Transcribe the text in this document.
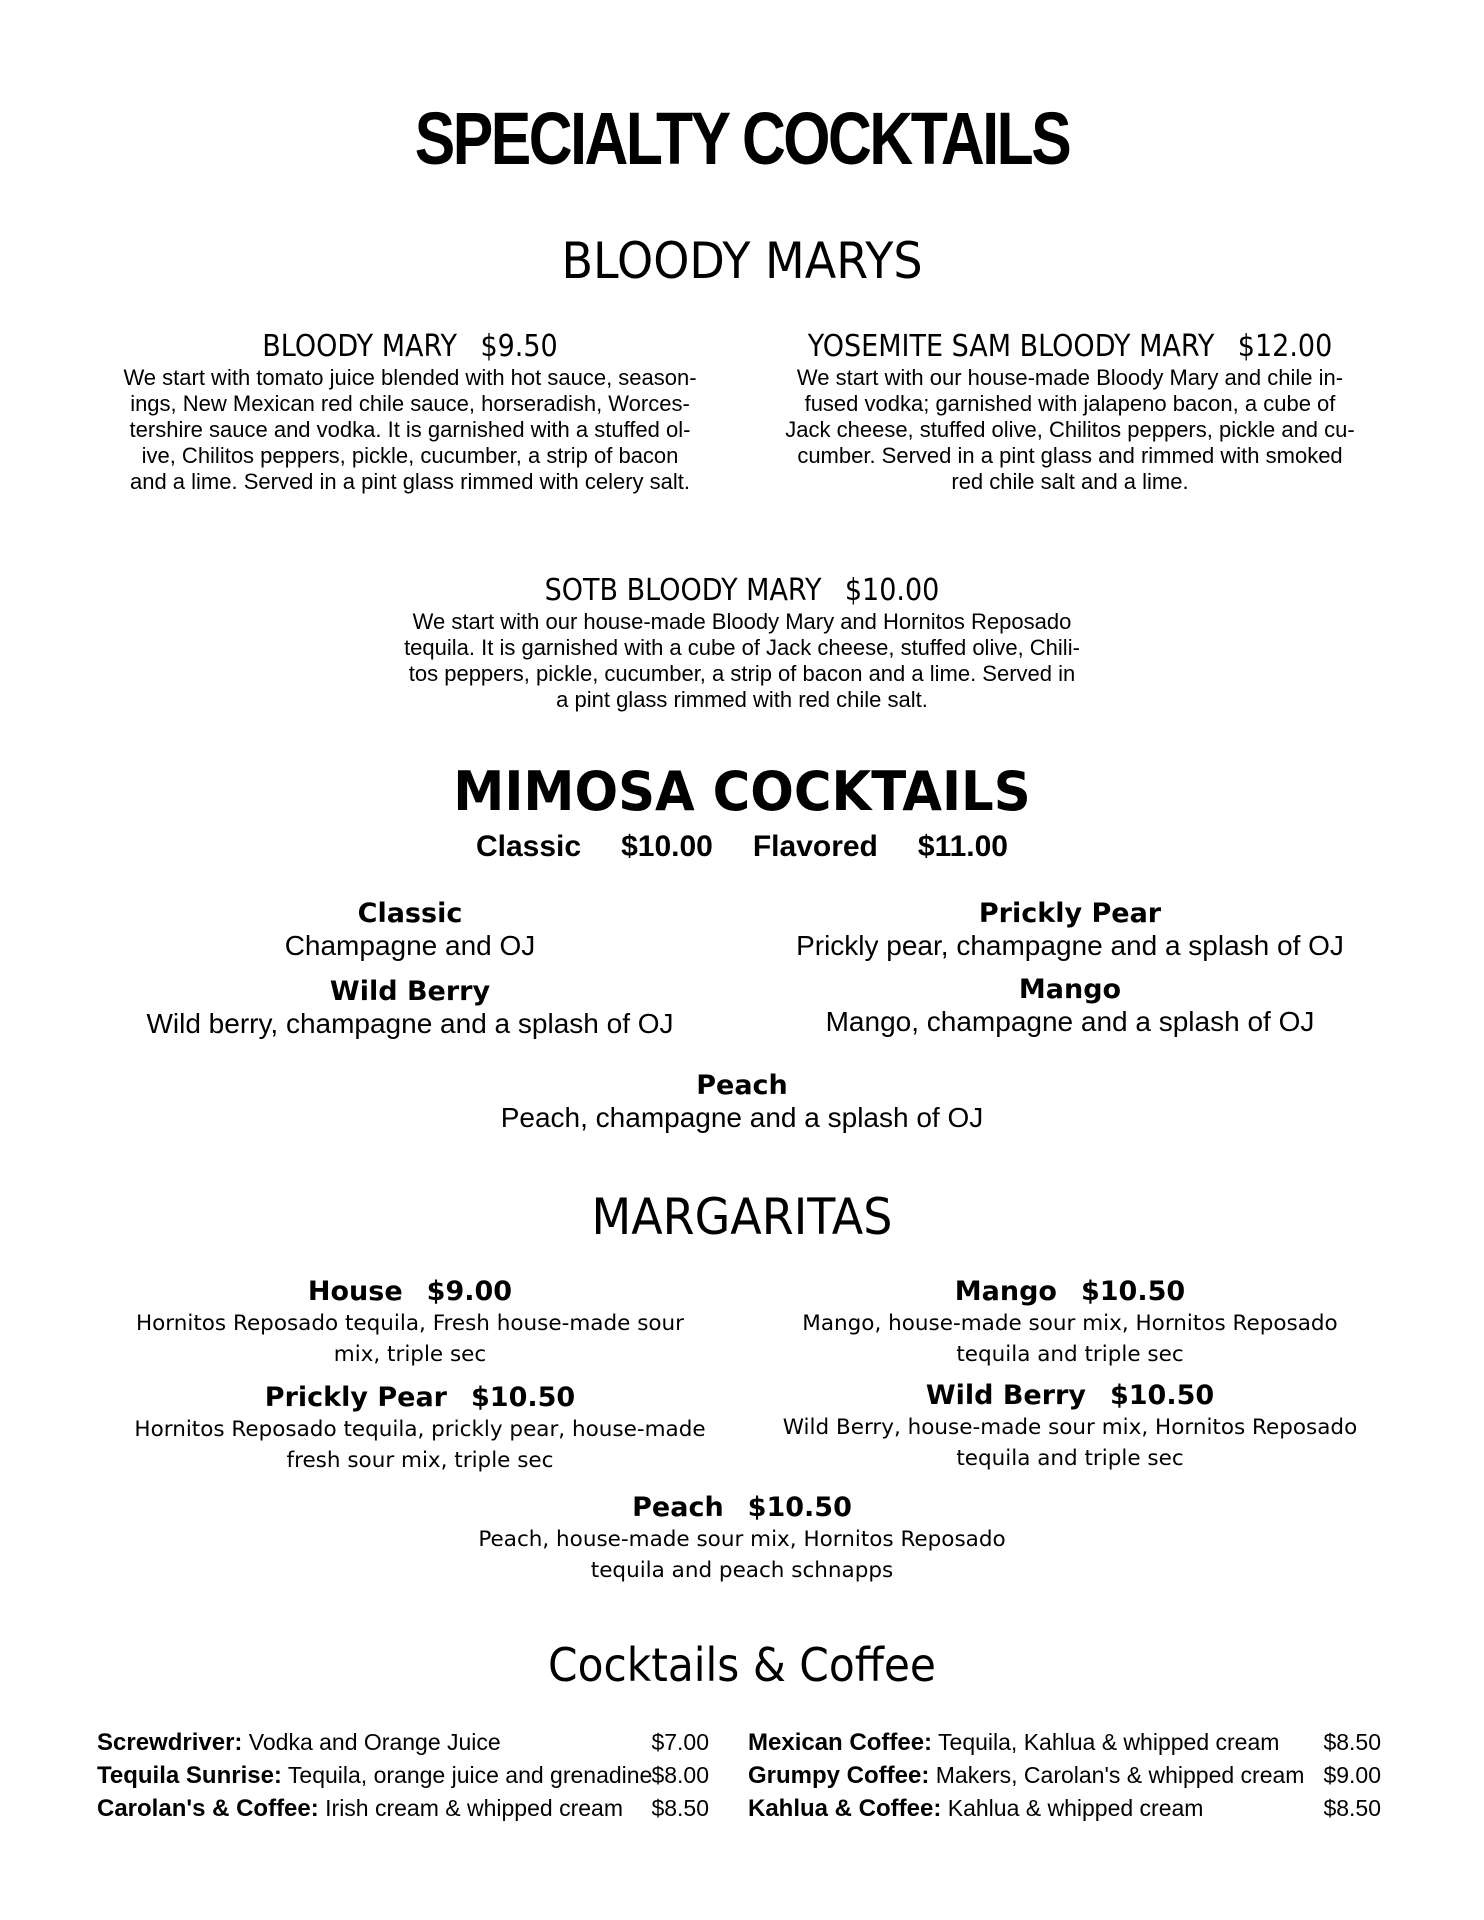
SPECIALTY COCKTAILS
BLOODY MARYS
BLOODY MARY $9.50
We start with tomato juice blended with hot sauce, season-
ings, New Mexican red chile sauce, horseradish, Worces-
tershire sauce and vodka. It is garnished with a stuffed ol-
ive, Chilitos peppers, pickle, cucumber, a strip of bacon
and a lime. Served in a pint glass rimmed with celery salt.
YOSEMITE SAM BLOODY MARY $12.00
We start with our house-made Bloody Mary and chile in-
fused vodka; garnished with jalapeno bacon, a cube of
Jack cheese, stuffed olive, Chilitos peppers, pickle and cu-
cumber. Served in a pint glass and rimmed with smoked
red chile salt and a lime.
SOTB BLOODY MARY $10.00
We start with our house-made Bloody Mary and Hornitos Reposado
tequila. It is garnished with a cube of Jack cheese, stuffed olive, Chili-
tos peppers, pickle, cucumber, a strip of bacon and a lime. Served in
a pint glass rimmed with red chile salt.
MIMOSA COCKTAILS
Classic $10.00 Flavored $11.00
Classic
Champagne and OJ
Prickly Pear
Prickly pear, champagne and a splash of OJ
Wild Berry
Wild berry, champagne and a splash of OJ
Mango
Mango, champagne and a splash of OJ
Peach
Peach, champagne and a splash of OJ
MARGARITAS
House $9.00
Hornitos Reposado tequila, Fresh house-made sour
mix, triple sec
Mango $10.50
Mango, house-made sour mix, Hornitos Reposado
tequila and triple sec
Prickly Pear $10.50
Hornitos Reposado tequila, prickly pear, house-made
fresh sour mix, triple sec
Wild Berry $10.50
Wild Berry, house-made sour mix, Hornitos Reposado
tequila and triple sec
Peach $10.50
Peach, house-made sour mix, Hornitos Reposado
tequila and peach schnapps
Cocktails & Coffee
Screwdriver: Vodka and Orange Juice	$7.00
Tequila Sunrise: Tequila, orange juice and grenadine $8.00
Carolan's & Coffee: Irish cream & whipped cream $8.50
Mexican Coffee: Tequila, Kahlua & whipped cream $8.50
Grumpy Coffee: Makers, Carolan's & whipped cream $9.00
Kahlua & Coffee: Kahlua & whipped cream	$8.50
